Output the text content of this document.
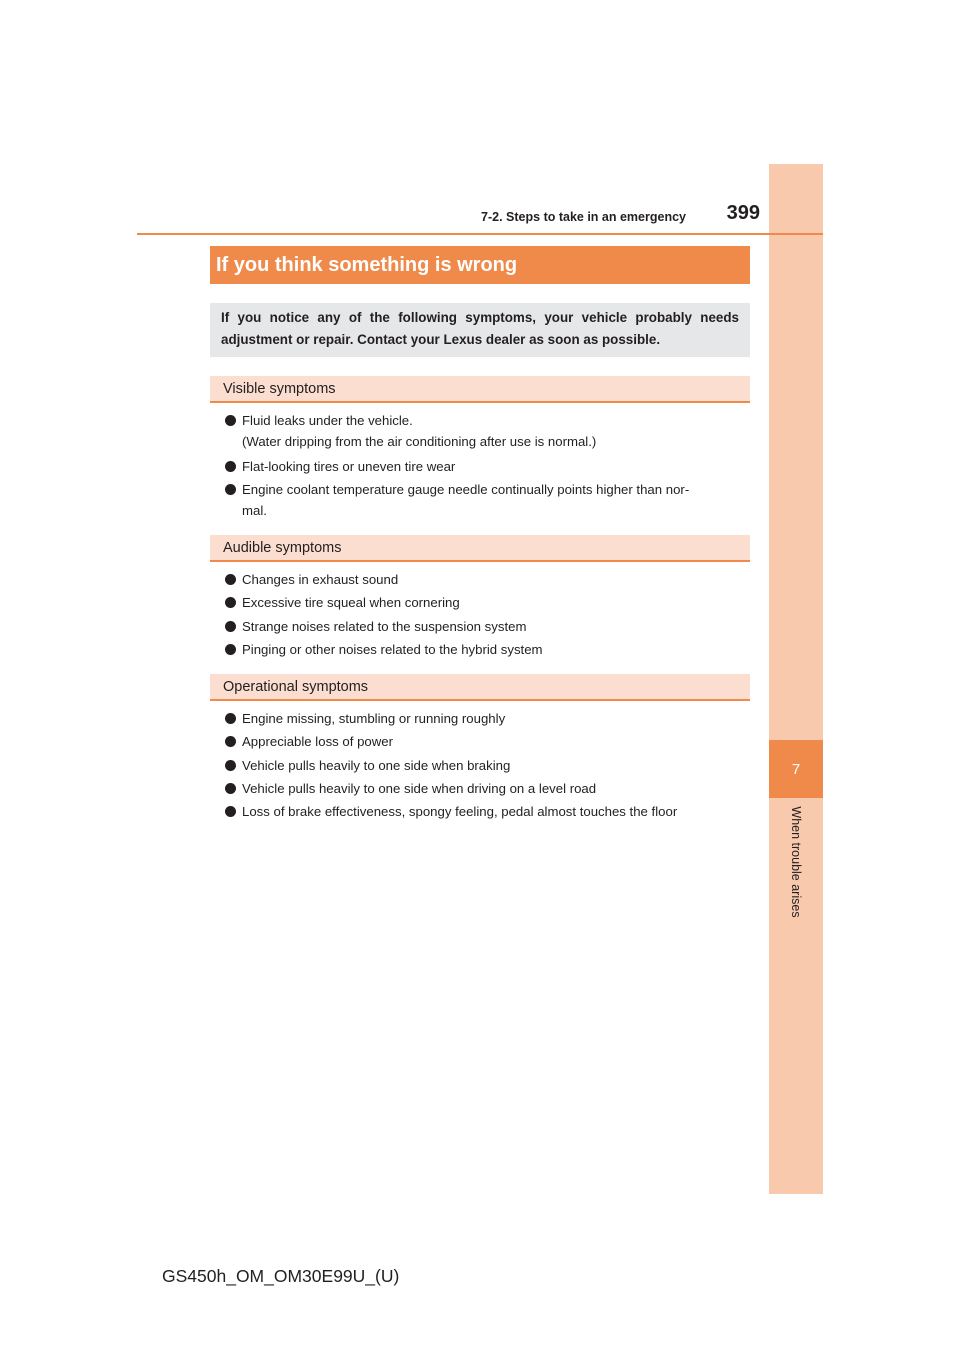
7
When trouble arises
7-2. Steps to take in an emergency	399
If you think something is wrong
If you notice any of the following symptoms, your vehicle probably needs adjustment or repair. Contact your Lexus dealer as soon as possible.
Visible symptoms
Fluid leaks under the vehicle.
(Water dripping from the air conditioning after use is normal.)
Flat-looking tires or uneven tire wear
Engine coolant temperature gauge needle continually points higher than nor-
mal.
Audible symptoms
Changes in exhaust sound
Excessive tire squeal when cornering
Strange noises related to the suspension system
Pinging or other noises related to the hybrid system
Operational symptoms
Engine missing, stumbling or running roughly
Appreciable loss of power
Vehicle pulls heavily to one side when braking
Vehicle pulls heavily to one side when driving on a level road
Loss of brake effectiveness, spongy feeling, pedal almost touches the floor
GS450h_OM_OM30E99U_(U)
